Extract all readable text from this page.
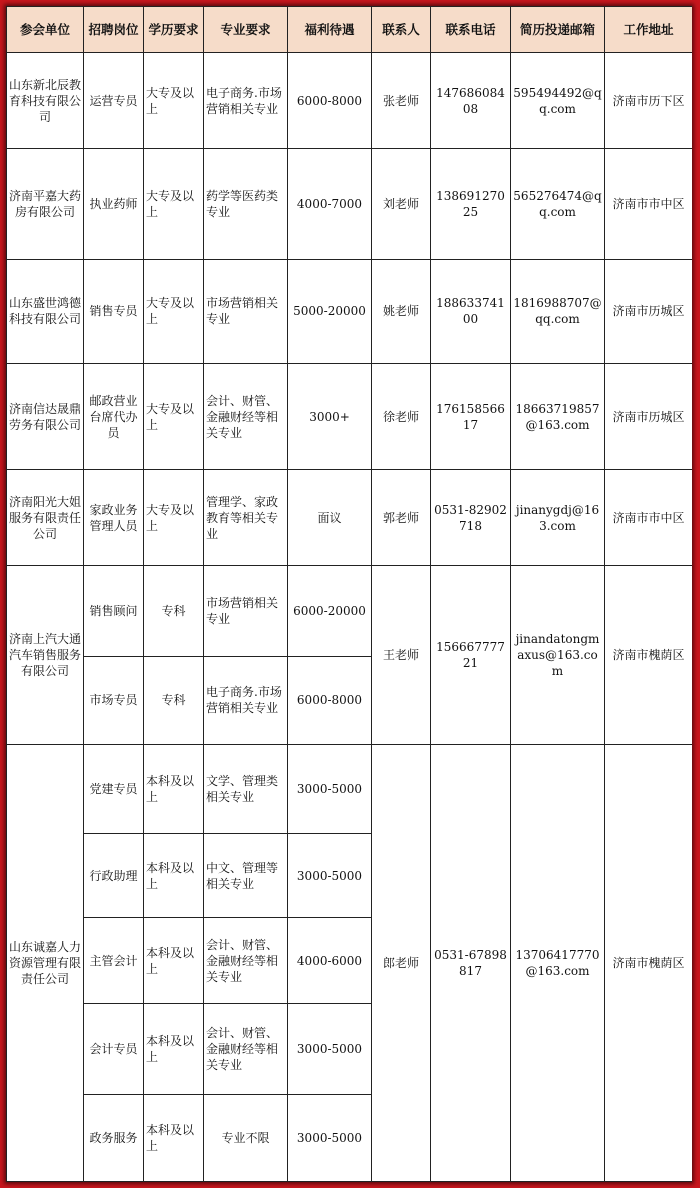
参会单位	招聘岗位	学历要求	专业要求	福利待遇	联系人	联系电话	简历投递邮箱	工作地址
山东新北辰教育科技有限公司	运营专员	大专及以上	电子商务.市场营销相关专业	6000-8000	张老师	14768608408	595494492@qq.com	济南市历下区
济南平嘉大药房有限公司	执业药师	大专及以上	药学等医药类专业	4000-7000	刘老师	13869127025	565276474@qq.com	济南市市中区
山东盛世鸿德科技有限公司	销售专员	大专及以上	市场营销相关专业	5000-20000	姚老师	18863374100	1816988707@qq.com	济南市历城区
济南信达晟鼎劳务有限公司	邮政营业台席代办员	大专及以上	会计、财管、金融财经等相关专业	3000+	徐老师	17615856617	18663719857@163.com	济南市历城区
济南阳光大姐服务有限责任公司	家政业务管理人员	大专及以上	管理学、家政教育等相关专业	面议	郭老师	0531-82902718	jinanygdj@163.com	济南市市中区
济南上汽大通汽车销售服务有限公司	销售顾问	专科	市场营销相关专业	6000-20000	王老师	15666777721	jinandatongmaxus@163.com	济南市槐荫区
	市场专员	专科	电子商务.市场营销相关专业	6000-8000				
山东诚嘉人力资源管理有限责任公司	党建专员	本科及以上	文学、管理类相关专业	3000-5000	郎老师	0531-67898817	13706417770@163.com	济南市槐荫区
	行政助理	本科及以上	中文、管理等相关专业	3000-5000				
	主管会计	本科及以上	会计、财管、金融财经等相关专业	4000-6000				
	会计专员	本科及以上	会计、财管、金融财经等相关专业	3000-5000				
	政务服务	本科及以上	专业不限	3000-5000				
